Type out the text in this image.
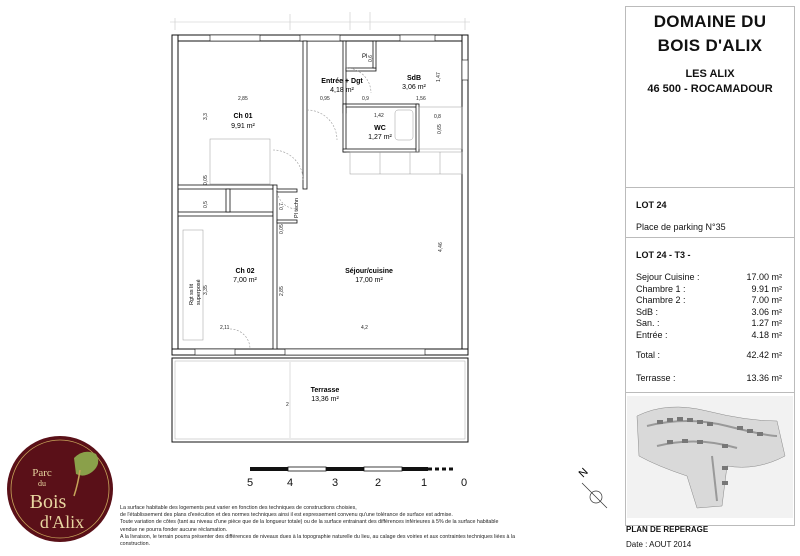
Ch 01
9,91 m²
Entrée + Dgt
4,18 m²
SdB
3,06 m²
WC
1,27 m²
Ch 02
7,00 m²
Séjour/cuisine
17,00 m²
Terrasse
13,36 m²
Pl
Pl techn
Rgt ss lit superposé
2,85
3,3
0,95	0,9	1,56
1,47
1,42	0,8
0,65
0,6
0,05
0,5	0,7
0,05
4,46
3,35	2,85
2,11	4,2
2
5	4	3	2	1	0
N
Parc
du
Bois
d'Alix
La surface habitable des logements peut varier en fonction des techniques de constructions choisies,
de l'établissement des plans d'exécution et des normes techniques ainsi il est expressement convenu qu'une tolérance de surface est admise.
Toute variation de côtes (tant au niveau d'une pièce que de la longueur totale) ou de la surface entrainant des différences inférieures à 5% de la surface habitable
vendue ne pourra fonder aucune réclamation.
A la livraison, le terrain pourra présenter des différences de niveaux dues à la topographie naturelle du lieu, au calage des voiries et aux contraintes techniques liées à la
construction.
DOMAINE DU
BOIS D'ALIX
LES ALIX
46 500 - ROCAMADOUR
LOT 24
Place de parking N°35
LOT 24 - T3 -
Sejour Cuisine :	17.00 m²
Chambre 1 :	9.91 m²
Chambre 2 :	7.00 m²
SdB :	3.06 m²
San. :	1.27 m²
Entrée :	4.18 m²
Total :	42.42 m²
Terrasse :	13.36 m²
PLAN DE REPERAGE
Date : AOUT 2014
